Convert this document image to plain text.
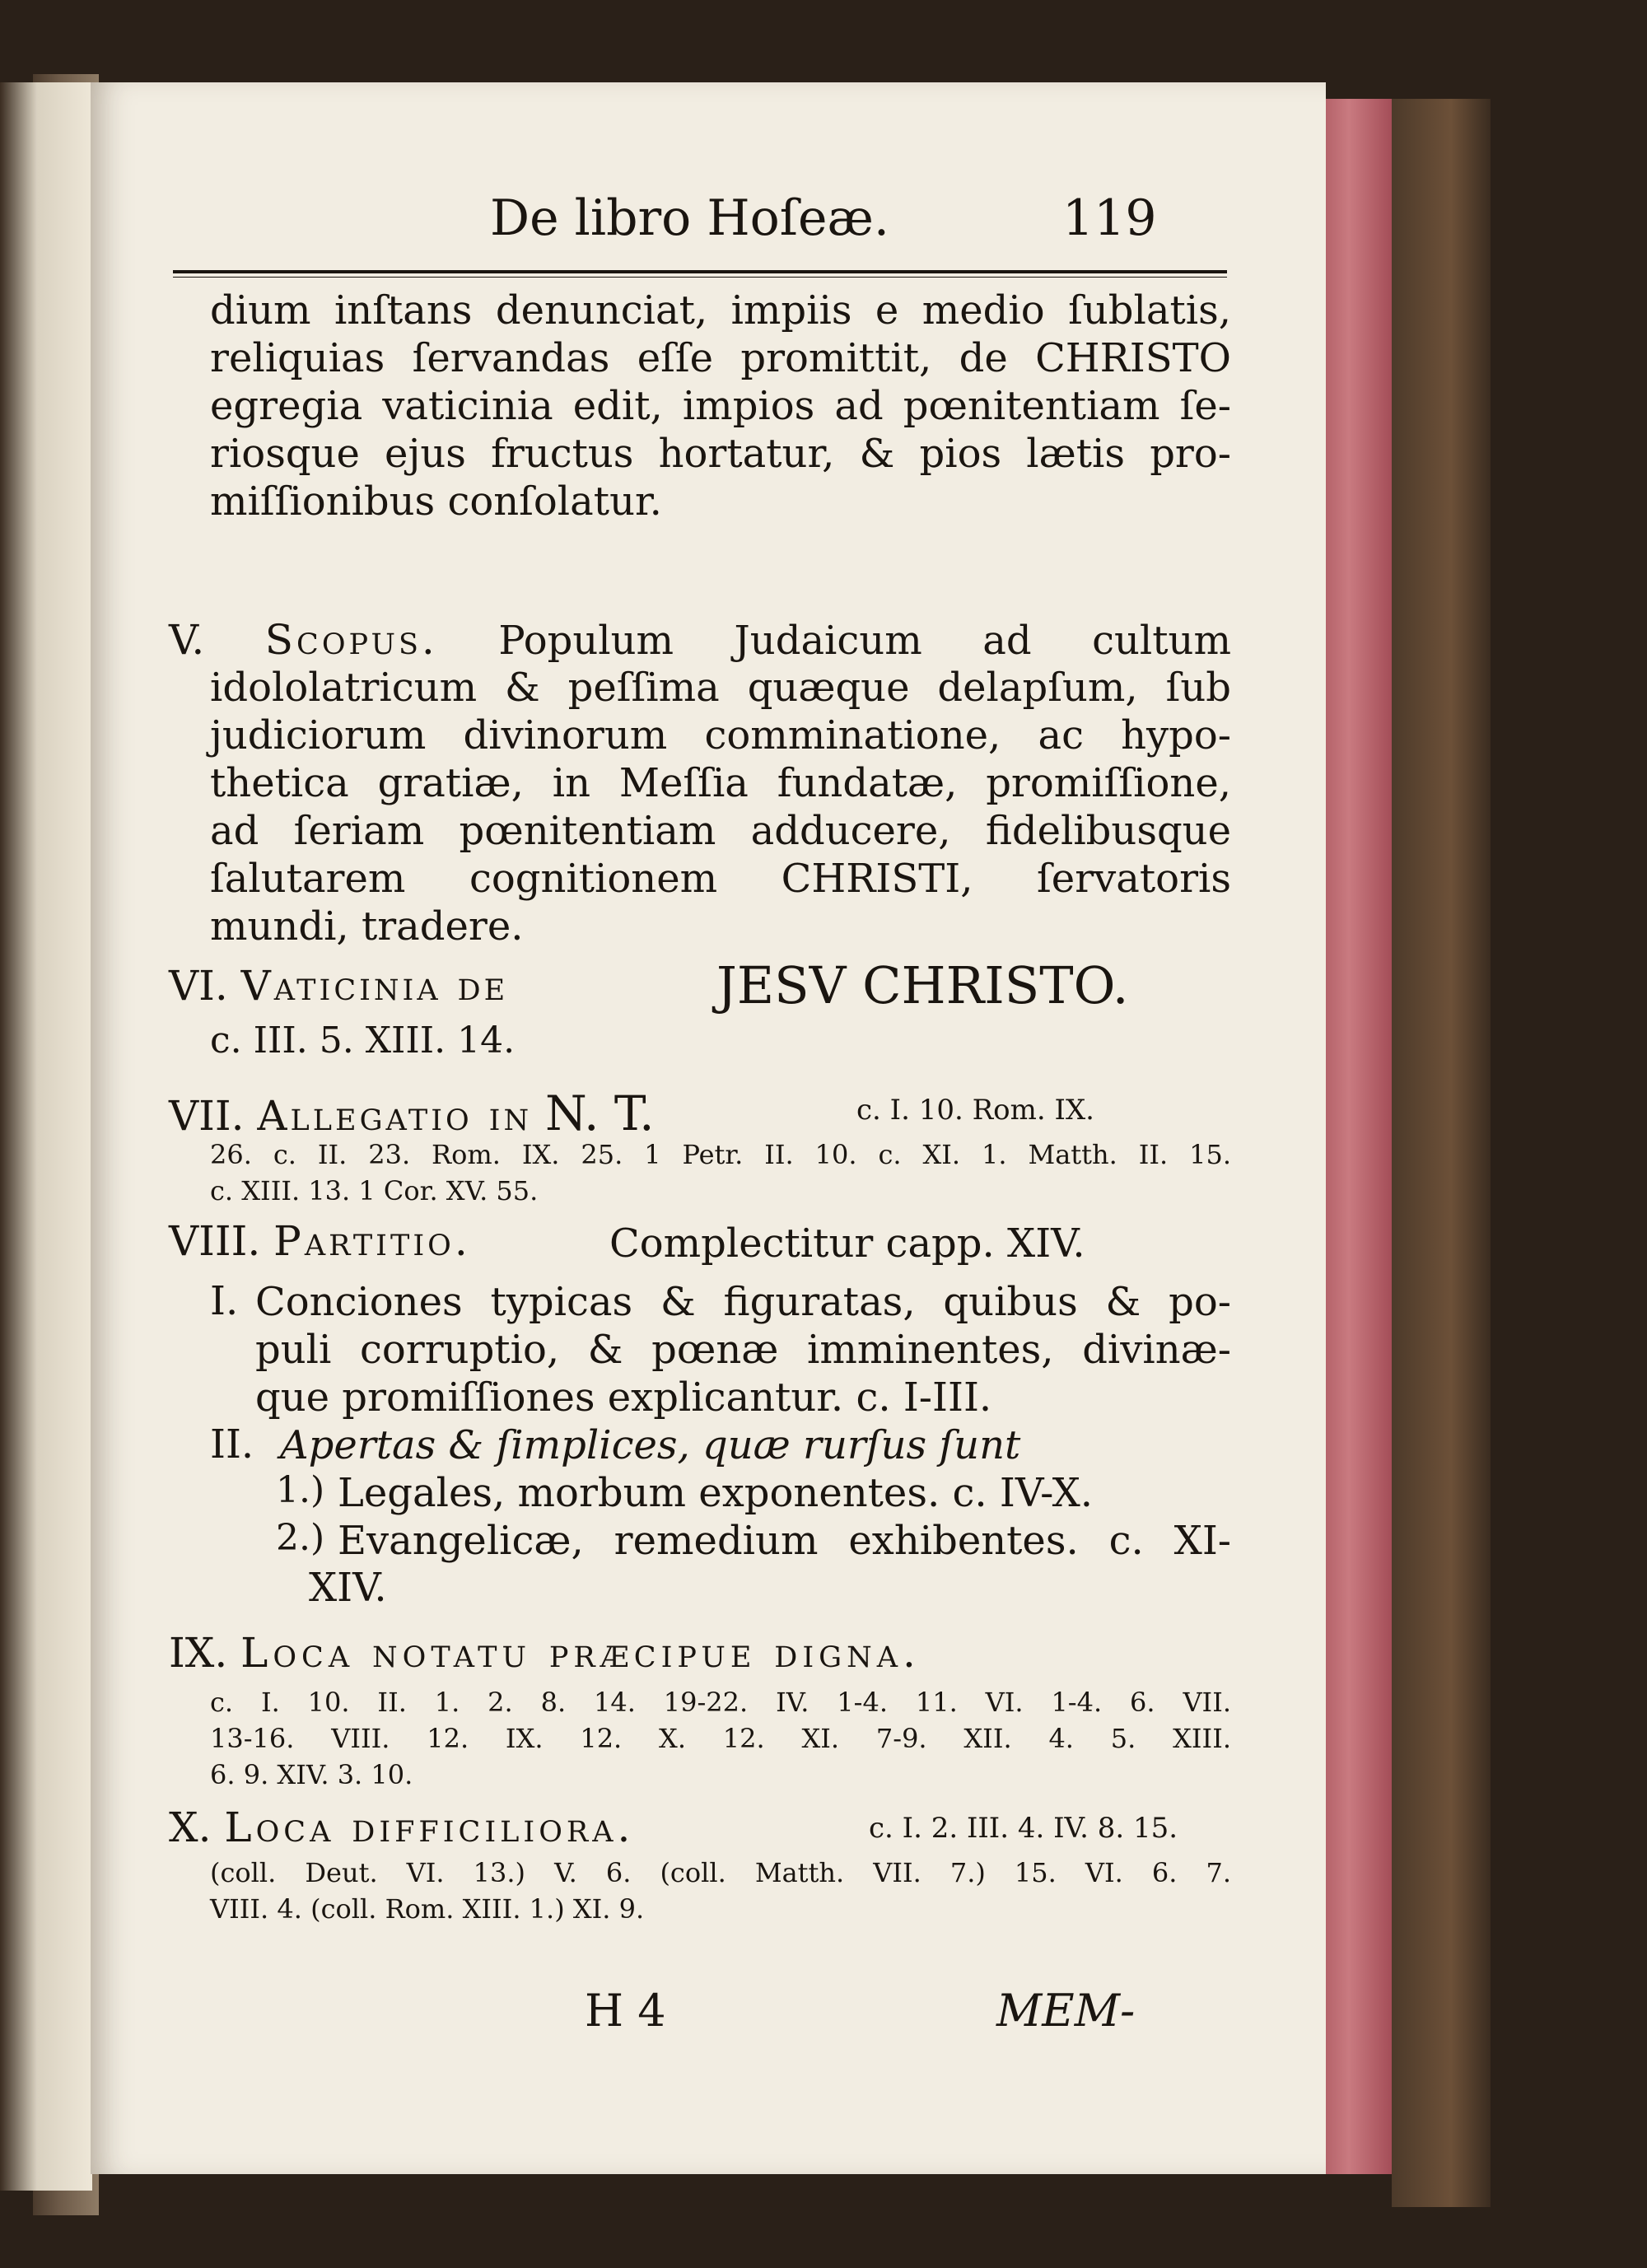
De libro Hoſeæ.	119
dium inſtans denunciat, impiis e medio ſublatis,
reliquias ſervandas eſſe promittit, de CHRISTO
egregia vaticinia edit, impios ad pœnitentiam ſe-
riosque ejus fructus hortatur, & pios lætis pro-
miſſionibus conſolatur.
V. Scopus. Populum Judaicum ad cultum
idololatricum & peſſima quæque delapſum, ſub
judiciorum divinorum comminatione, ac hypo-
thetica gratiæ, in Meſſia fundatæ, promiſſione,
ad ſeriam pœnitentiam adducere, fidelibusque
ſalutarem cognitionem CHRISTI, ſervatoris
mundi, tradere.
VI. Vaticinia de	JESV CHRISTO.
c. III. 5. XIII. 14.
VII. Allegatio in N. T.	c. I. 10. Rom. IX.
26. c. II. 23. Rom. IX. 25. 1 Petr. II. 10. c. XI. 1. Matth. II. 15.
c. XIII. 13. 1 Cor. XV. 55.
VIII. Partitio.	Complectitur capp. XIV.
I. Conciones typicas & figuratas, quibus & po-
puli corruptio, & pœnæ imminentes, divinæ-
que promiſſiones explicantur. c. I-III.
II. Apertas & ſimplices, quæ rurſus ſunt
1.) Legales, morbum exponentes. c. IV-X.
2.) Evangelicæ, remedium exhibentes. c. XI-
XIV.
IX. Loca notatu præcipue digna.
c. I. 10. II. 1. 2. 8. 14. 19-22. IV. 1-4. 11. VI. 1-4. 6. VII.
13-16. VIII. 12. IX. 12. X. 12. XI. 7-9. XII. 4. 5. XIII.
6. 9. XIV. 3. 10.
X. Loca difficiliora.	c. I. 2. III. 4. IV. 8. 15.
(coll. Deut. VI. 13.) V. 6. (coll. Matth. VII. 7.) 15. VI. 6. 7.
VIII. 4. (coll. Rom. XIII. 1.) XI. 9.
H 4	MEM-
